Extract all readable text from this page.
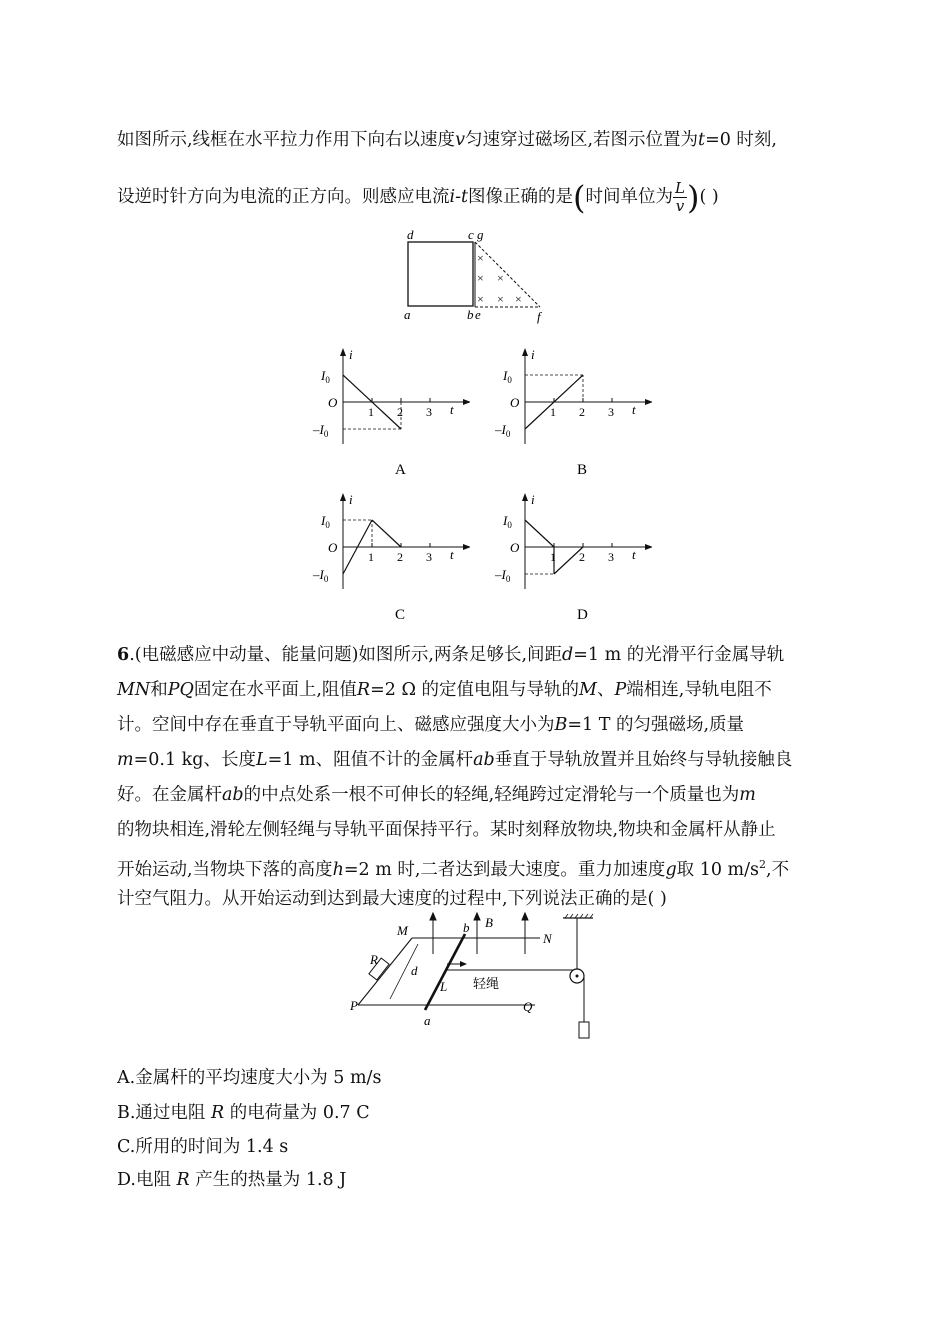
如图所示,线框在水平拉力作用下向右以速度v匀速穿过磁场区,若图示位置为t=0 时刻,
设逆时针方向为电流的正方向。则感应电流i-t图像正确的是(时间单位为 $\frac{L}{v}$ )( )
d	c g
a	b e	f
×
× ×
× × ×
i
t
O
$I_0$
$-I_0$
1 2 3
A
i
t
O
$I_0$
$-I_0$
1 2 3
B
i
t
O
$I_0$
$-I_0$
1 2 3
C
i
t
O
$I_0$
$-I_0$
1 2 3
D
6.(电磁感应中动量、能量问题)如图所示,两条足够长,间距d=1 m 的光滑平行金属导轨
MN和PQ固定在水平面上,阻值R=2 Ω 的定值电阻与导轨的M、P端相连,导轨电阻不
计。空间中存在垂直于导轨平面向上、磁感应强度大小为B=1 T 的匀强磁场,质量
m=0.1 kg、长度L=1 m、阻值不计的金属杆ab垂直于导轨放置并且始终与导轨接触良
好。在金属杆ab的中点处系一根不可伸长的轻绳,轻绳跨过定滑轮与一个质量也为m
的物块相连,滑轮左侧轻绳与导轨平面保持平行。某时刻释放物块,物块和金属杆从静止
开始运动,当物块下落的高度h=2 m 时,二者达到最大速度。重力加速度g取 10 $m/s^2$,不
计空气阻力。从开始运动到达到最大速度的过程中,下列说法正确的是( )
M
N
P	Q
R
d
b
a
B
L 轻绳
A.金属杆的平均速度大小为 5 m/s
B.通过电阻 R 的电荷量为 0.7 C
C.所用的时间为 1.4 s
D.电阻 R 产生的热量为 1.8 J
